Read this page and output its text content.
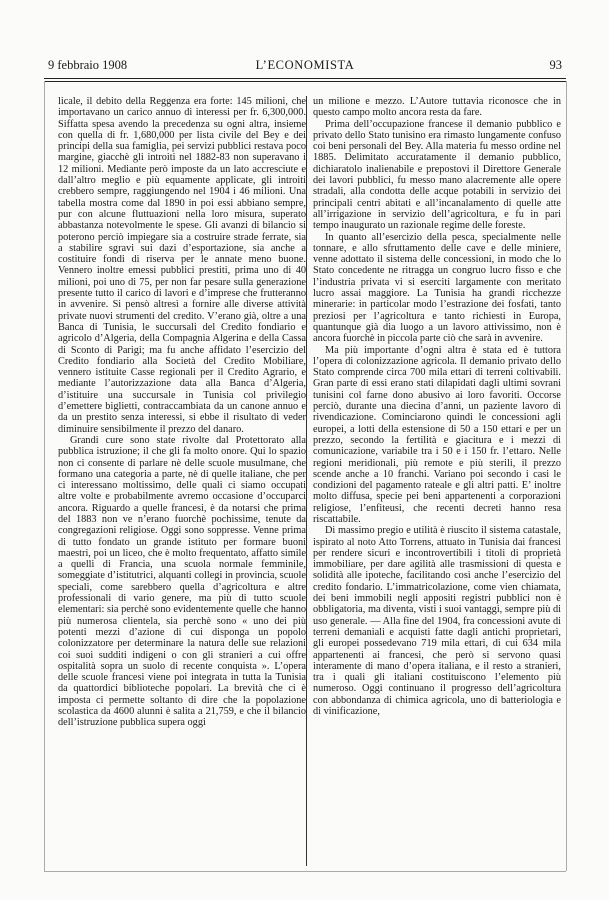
9 febbraio 1908	L’ECONOMISTA	93

licale, il debito della Reggenza era forte: 145 milioni, che importavano un carico annuo di interessi per fr. 6,300,000. Siffatta spesa avendo la precedenza su ogni altra, insieme con quella di fr. 1,680,000 per lista civile del Bey e dei principi della sua famiglia, pei servizi pubblici restava poco margine, giacchè gli introiti nel 1882-83 non superavano i 12 milioni. Mediante però imposte da un lato accresciute e dall’altro meglio e più equamente applicate, gli introiti crebbero sempre, raggiungendo nel 1904 i 46 milioni. Una tabella mostra come dal 1890 in poi essi abbiano sempre, pur con alcune fluttuazioni nella loro misura, superato abbastanza notevolmente le spese. Gli avanzi di bilancio si poterono perciò impiegare sia a costruire strade ferrate, sia a stabilire sgravi sui dazi d’esportazione, sia anche a costituire fondi di riserva per le annate meno buone. Vennero inoltre emessi pubblici prestiti, prima uno di 40 milioni, poi uno di 75, per non far pesare sulla generazione presente tutto il carico di lavori e d’imprese che frutteranno in avvenire. Si pensò altresì a fornire alle diverse attività private nuovi strumenti del credito. V’erano già, oltre a una Banca di Tunisia, le succursali del Credito fondiario e agricolo d’Algeria, della Compagnia Algerina e della Cassa di Sconto di Parigi; ma fu anche affidato l’esercizio del Credito fondiario alla Società del Credito Mobiliare, vennero istituite Casse regionali per il Credito Agrario, e mediante l’autorizzazione data alla Banca d’Algeria, d’istituire una succursale in Tunisia col privilegio d’emettere biglietti, contraccambiata da un canone annuo e da un prestito senza interessi, si ebbe il risultato di veder diminuire sensibilmente il prezzo del danaro.

Grandi cure sono state rivolte dal Protettorato alla pubblica istruzione; il che gli fa molto onore. Qui lo spazio non ci consente di parlare nè delle scuole musulmane, che formano una categoria a parte, nè di quelle italiane, che per ci interessano moltissimo, delle quali ci siamo occupati altre volte e probabilmente avremo occasione d’occuparci ancora. Riguardo a quelle francesi, è da notarsi che prima del 1883 non ve n’erano fuorchè pochissime, tenute da congregazioni religiose. Oggi sono soppresse. Venne prima di tutto fondato un grande istituto per formare buoni maestri, poi un liceo, che è molto frequentato, affatto simile a quelli di Francia, una scuola normale femminile, someggiate d’istitutrici, alquanti collegi in provincia, scuole speciali, come sarebbero quella d’agricoltura e altre professionali di vario genere, ma più di tutto scuole elementari: sia perchè sono evidentemente quelle che hanno più numerosa clientela, sia perchè sono « uno dei più potenti mezzi d’azione di cui disponga un popolo colonizzatore per determinare la natura delle sue relazioni coi suoi sudditi indigeni o con gli stranieri a cui offre ospitalità sopra un suolo di recente conquista ». L’opera delle scuole francesi viene poi integrata in tutta la Tunisia da quattordici biblioteche popolari. La brevità che ci è imposta ci permette soltanto di dire che la popolazione scolastica da 4600 alunni è salita a 21,759, e che il bilancio dell’istruzione pubblica supera oggi

un milione e mezzo. L’Autore tuttavia riconosce che in questo campo molto ancora resta da fare.

Prima dell’occupazione francese il demanio pubblico e privato dello Stato tunisino era rimasto lungamente confuso coi beni personali del Bey. Alla materia fu messo ordine nel 1885. Delimitato accuratamente il demanio pubblico, dichiaratolo inalienabile e prepostovi il Direttore Generale dei lavori pubblici, fu messo mano alacremente alle opere stradali, alla condotta delle acque potabili in servizio dei principali centri abitati e all’incanalamento di quelle atte all’irrigazione in servizio dell’agricoltura, e fu in pari tempo inaugurato un razionale regime delle foreste.

In quanto all’esercizio della pesca, specialmente nelle tonnare, e allo sfruttamento delle cave e delle miniere, venne adottato il sistema delle concessioni, in modo che lo Stato concedente ne ritragga un congruo lucro fisso e che l’industria privata vi si eserciti largamente con meritato lucro assai maggiore. La Tunisia ha grandi ricchezze minerarie: in particolar modo l’estrazione dei fosfati, tanto preziosi per l’agricoltura e tanto richiesti in Europa, quantunque già dia luogo a un lavoro attivissimo, non è ancora fuorchè in piccola parte ciò che sarà in avvenire.

Ma più importante d’ogni altra è stata ed è tuttora l’opera di colonizzazione agricola. Il demanio privato dello Stato comprende circa 700 mila ettari di terreni coltivabili. Gran parte di essi erano stati dilapidati dagli ultimi sovrani tunisini col farne dono abusivo ai loro favoriti. Occorse perciò, durante una diecina d’anni, un paziente lavoro di rivendicazione. Cominciarono quindi le concessioni agli europei, a lotti della estensione di 50 a 150 ettari e per un prezzo, secondo la fertilità e giacitura e i mezzi di comunicazione, variabile tra i 50 e i 150 fr. l’ettaro. Nelle regioni meridionali, più remote e più sterili, il prezzo scende anche a 10 franchi. Variano poi secondo i casi le condizioni del pagamento rateale e gli altri patti. E’ inoltre molto diffusa, specie pei beni appartenenti a corporazioni religiose, l’enfiteusi, che recenti decreti hanno resa riscattabile.

Di massimo pregio e utilità è riuscito il sistema catastale, ispirato al noto Atto Torrens, attuato in Tunisia dai francesi per rendere sicuri e incontrovertibili i titoli di proprietà immobiliare, per dare agilità alle trasmissioni di questa e solidità alle ipoteche, facilitando così anche l’esercizio del credito fondario. L’immatricolazione, come vien chiamata, dei beni immobili negli appositi registri pubblici non è obbligatoria, ma diventa, visti i suoi vantaggi, sempre più di uso generale. — Alla fine del 1904, fra concessioni avute di terreni demaniali e acquisti fatte dagli antichi proprietari, gli europei possedevano 719 mila ettari, di cui 634 mila appartenenti ai francesi, che però si servono quasi interamente di mano d’opera italiana, e il resto a stranieri, tra i quali gli italiani costituiscono l’elemento più numeroso. Oggi continuano il progresso dell’agricoltura con abbondanza di chimica agricola, uno di batteriologia e di vinificazione,
